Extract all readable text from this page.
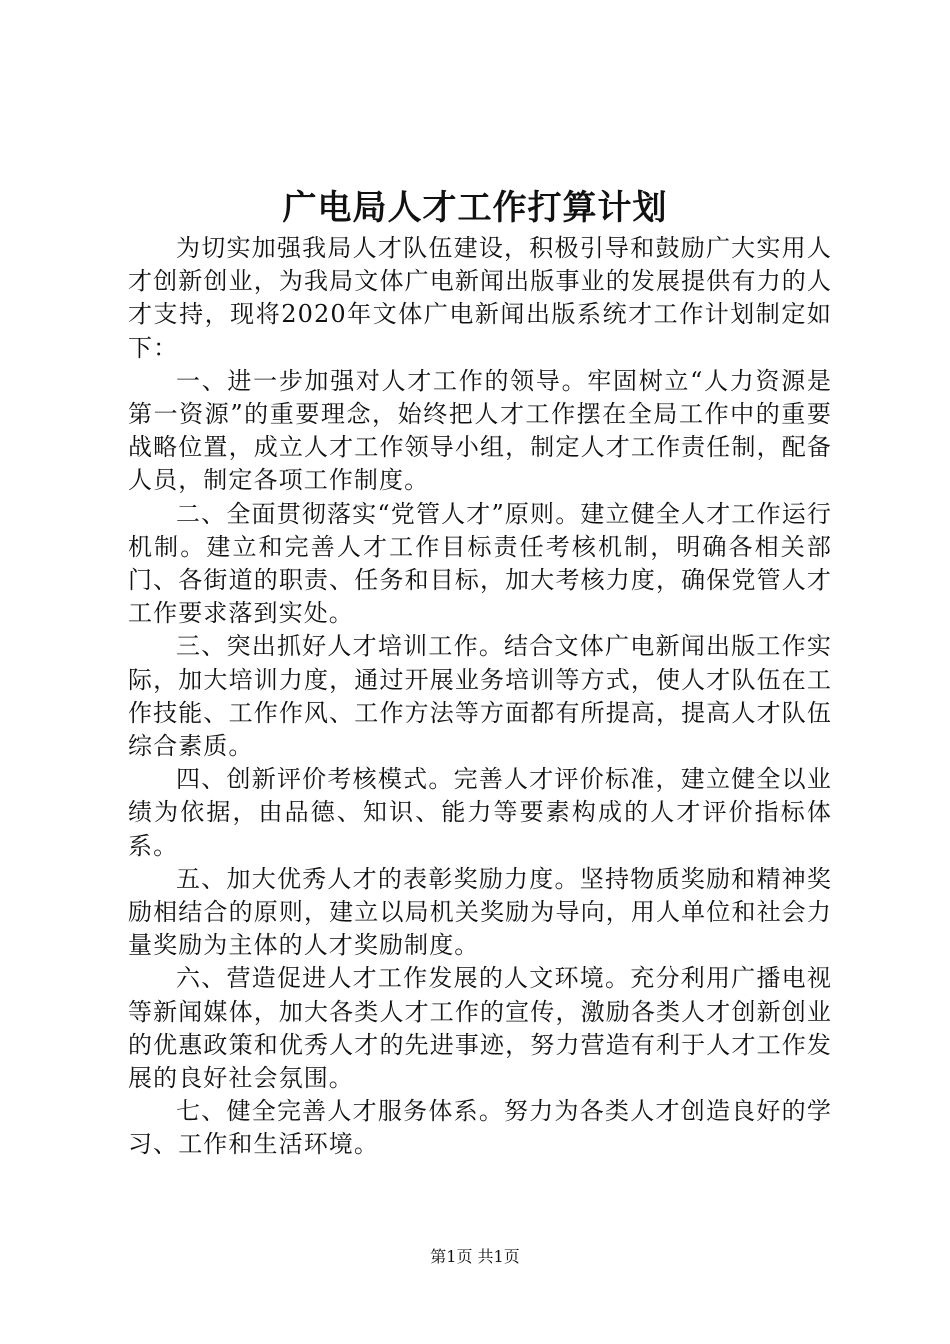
广电局人才工作打算计划

为切实加强我局人才队伍建设，积极引导和鼓励广大实用人才创新创业，为我局文体广电新闻出版事业的发展提供有力的人才支持，现将2020年文体广电新闻出版系统才工作计划制定如下：

一、进一步加强对人才工作的领导。牢固树立“人力资源是第一资源”的重要理念，始终把人才工作摆在全局工作中的重要战略位置，成立人才工作领导小组，制定人才工作责任制，配备人员，制定各项工作制度。

二、全面贯彻落实“党管人才”原则。建立健全人才工作运行机制。建立和完善人才工作目标责任考核机制，明确各相关部门、各街道的职责、任务和目标，加大考核力度，确保党管人才工作要求落到实处。

三、突出抓好人才培训工作。结合文体广电新闻出版工作实际，加大培训力度，通过开展业务培训等方式，使人才队伍在工作技能、工作作风、工作方法等方面都有所提高，提高人才队伍综合素质。

四、创新评价考核模式。完善人才评价标准，建立健全以业绩为依据，由品德、知识、能力等要素构成的人才评价指标体系。

五、加大优秀人才的表彰奖励力度。坚持物质奖励和精神奖励相结合的原则，建立以局机关奖励为导向，用人单位和社会力量奖励为主体的人才奖励制度。

六、营造促进人才工作发展的人文环境。充分利用广播电视等新闻媒体，加大各类人才工作的宣传，激励各类人才创新创业的优惠政策和优秀人才的先进事迹，努力营造有利于人才工作发展的良好社会氛围。

七、健全完善人才服务体系。努力为各类人才创造良好的学习、工作和生活环境。

第1页 共1页
